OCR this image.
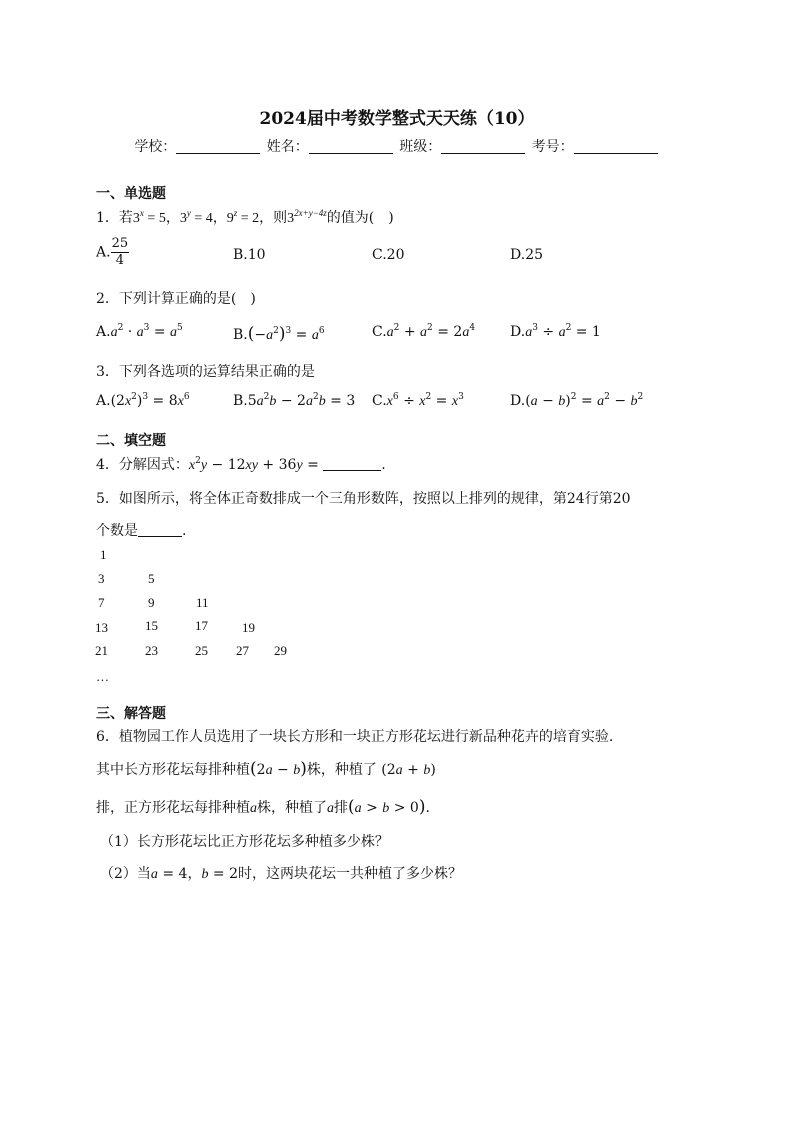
2024届中考数学整式天天练（10）
学校：	姓名：	班级：	考号：
一、单选题
1．若$3^x = 5$，$3^y = 4$，$9^z = 2$，则$3^{2x+y-4z}$的值为(　)
A. $\frac{25}{4}$	B.10	C.20	D.25
2．下列计算正确的是(　)
$A.a^2 \cdot a^3 = a^5$	$B.(-a^2)^3 = a^6$	$C.a^2 + a^2 = 2a^4$ $D.a^3 \div a^2 = 1$
3．下列各选项的运算结果正确的是
$A.(2x^2)^3 = 8x^6$	$B.5a^2b - 2a^2b = 3$ $C.x^6 \div x^2 = x^3$	$D.(a - b)^2 = a^2 - b^2$
二、填空题
4．分解因式：$x^2y - 12xy + 36y$ =	.
5．如图所示，将全体正奇数排成一个三角形数阵，按照以上排列的规律，第24行第20
个数是	.
1
3	5
7	9	11
13	15	17	19
21	23	25 27 29
…
三、解答题
6．植物园工作人员选用了一块长方形和一块正方形花坛进行新品种花卉的培育实验.
其中长方形花坛每排种植(2a − b)株，种植了 (2a + b)
排，正方形花坛每排种植a株，种植了a排(a > b > 0).
（1）长方形花坛比正方形花坛多种植多少株？
（2）当a = 4，b = 2时，这两块花坛一共种植了多少株？
